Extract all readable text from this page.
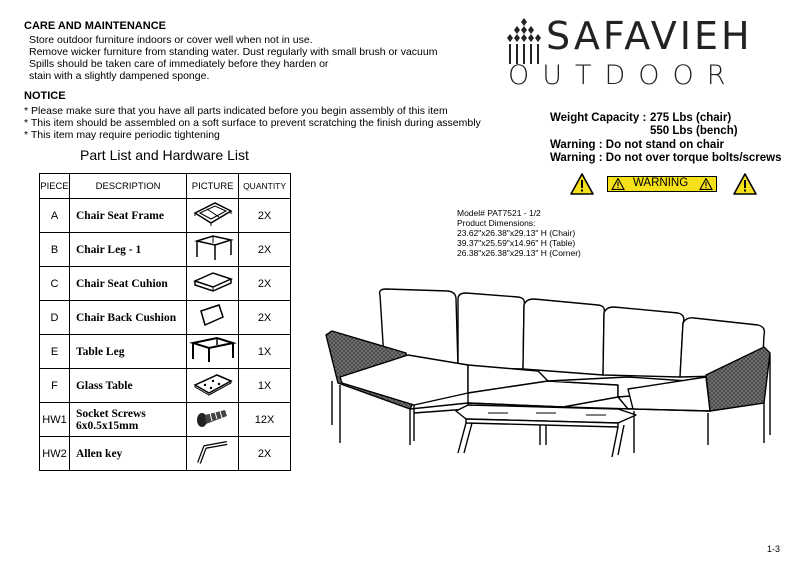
CARE AND MAINTENANCE
Store outdoor furniture indoors or cover well when not in use.
Remove wicker furniture from standing water. Dust regularly with small brush or vacuum
Spills should be taken care of immediately before they harden or
stain with a slightly dampened sponge.
NOTICE
* Please make sure that you have all parts indicated before you begin assembly of this item
* This item should be assembled on a soft surface to prevent scratching the finish during assembly
* This item may require periodic tightening
SAFAVIEH
OUTDOOR
Part List and Hardware List
PIECE	DESCRIPTION	PICTURE	QUANTITY
A	Chair Seat Frame		2X
B	Chair Leg - 1		2X
C	Chair Seat Cuhion		2X
D	Chair Back Cushion		2X
E	Table Leg		1X
F	Glass Table		1X
HW1	Socket Screws
6x0.5x15mm		12X
HW2	Allen key		2X
Weight Capacity : 275 Lbs (chair)
550 Lbs (bench)
Warning : Do not stand on chair
Warning : Do not over torque bolts/screws
WARNING
Model# PAT7521 - 1/2
Product Dimensions:
23.62"x26.38"x29.13" H (Chair)
39.37"x25.59"x14.96" H (Table)
26.38"x26.38"x29.13" H (Corner)
1-3
